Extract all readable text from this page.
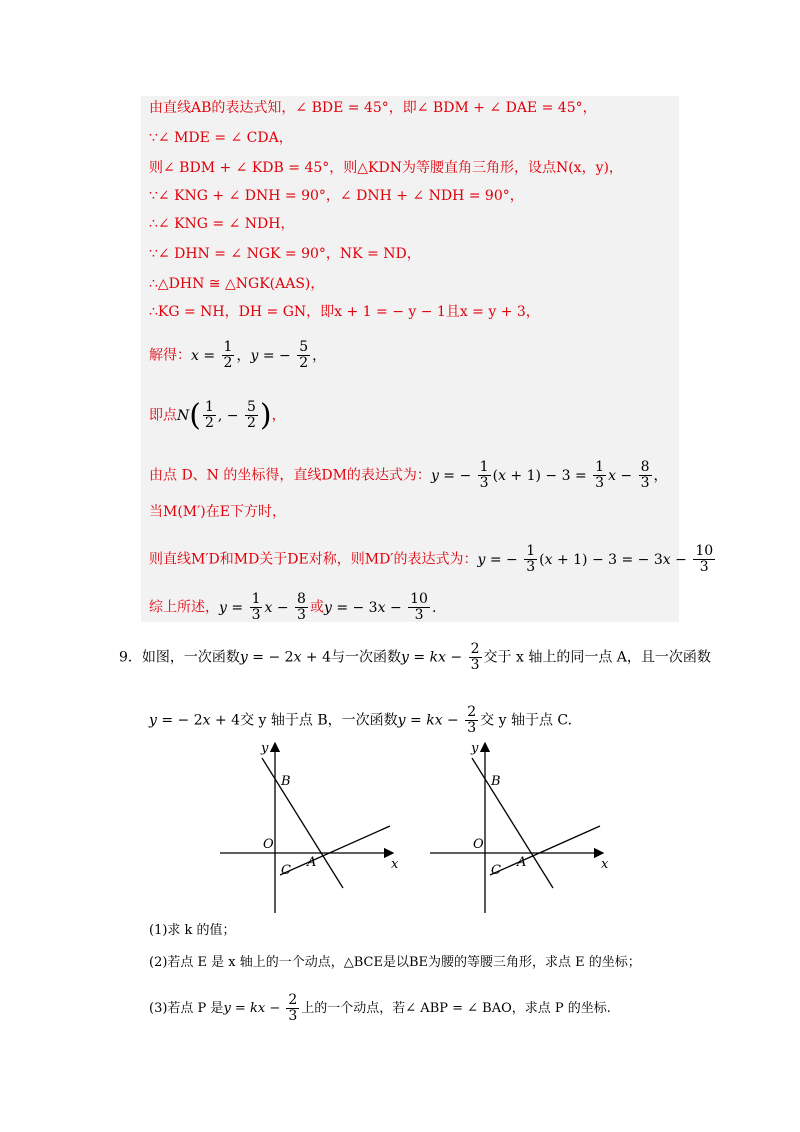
由直线AB的表达式知，∠ BDE = 45°，即∠ BDM + ∠ DAE = 45°，
∵∠ MDE = ∠ CDA，
则∠ BDM + ∠ KDB = 45°，则△KDN为等腰直角三角形，设点N(x，y)，
∵∠ KNG + ∠ DNH = 90°，∠ DNH + ∠ NDH = 90°，
∴∠ KNG = ∠ NDH，
∵∠ DHN = ∠ NGK = 90°，NK = ND，
∴△DHN ≅ △NGK(AAS)，
∴KG = NH，DH = GN，即x + 1 = − y − 1且x = y + 3，
解得：$x = \frac{1}{2}$ ，y = − $\frac{5}{2}$ ，
即点$N( \frac{1}{2}$ , − $\frac{5}{2}$ )，
由点 D、N 的坐标得，直线DM的表达式为：y = − $\frac{1}{3} (x + 1) - 3 = \frac{1}{3}$ $x - \frac{8}{3}$ ，
当M(M′)在E下方时，
则直线M′D和MD关于DE对称，则MD′的表达式为：y = − $\frac{1}{3} (x + 1) - 3$ = − $3x - \frac{10}{3}$
综上所述，$y = \frac{1}{3}$ $x - \frac{8}{3}$ 或y = − $3x - \frac{10}{3}$ .
9．如图，一次函数y = − 2x + 4与一次函数y = kx − $\frac{2}{3}$ 交于 x 轴上的同一点 A，且一次函数
y = − 2x + 4交 y 轴于点 B，一次函数y = kx − $\frac{2}{3}$ 交 y 轴于点 C.
x
y
O
A
B
C	x
y
O
A
B
C
(1)求 k 的值；
(2)若点 E 是 x 轴上的一个动点，△BCE是以BE为腰的等腰三角形，求点 E 的坐标；
(3)若点 P 是y = kx − $\frac{2}{3}$ 上的一个动点，若∠ ABP = ∠ BAO，求点 P 的坐标.
